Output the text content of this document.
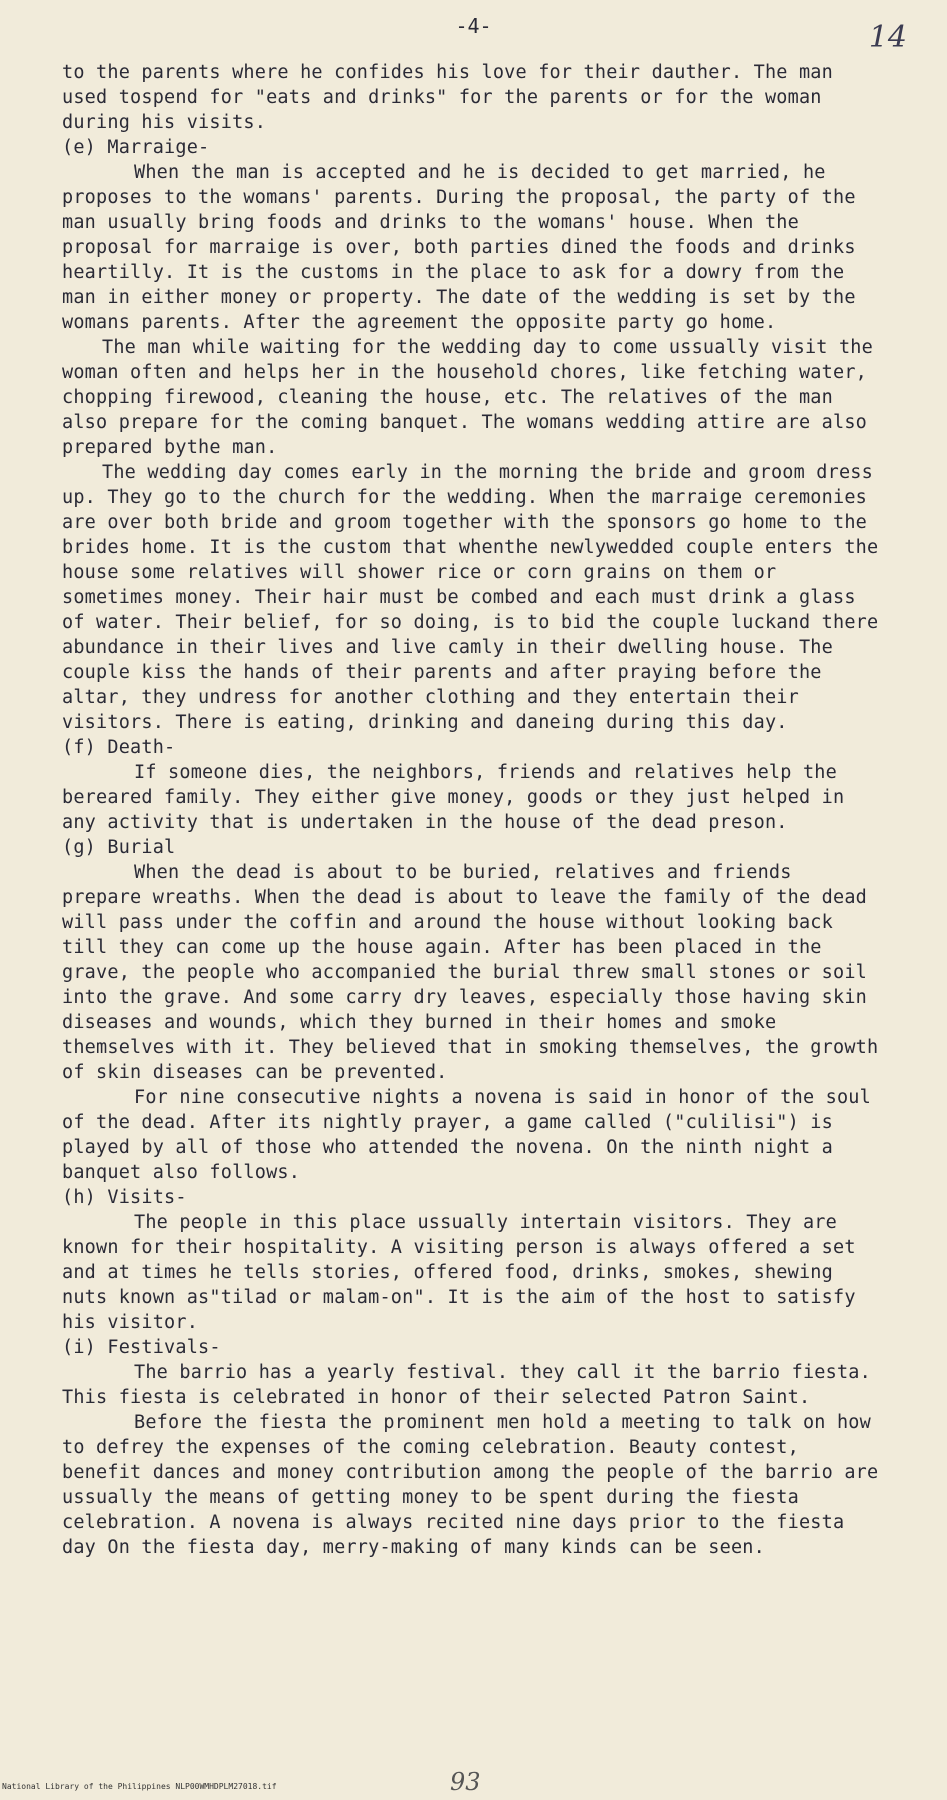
-4-	14

to the parents where he confides his love for their dauther. The man used tospend for "eats and drinks" for the parents or for the woman during his visits.

(e) Marraige-

When the man is accepted and he is decided to get married, he proposes to the womans' parents. During the proposal, the party of the man usually bring foods and drinks to the womans' house. When the proposal for marraige is over, both parties dined the foods and drinks heartilly. It is the customs in the place to ask for a dowry from the man in either money or property. The date of the wedding is set by the womans parents. After the agreement the opposite party go home.

The man while waiting for the wedding day to come ussually visit the woman often and helps her in the household chores, like fetching water, chopping firewood, cleaning the house, etc. The relatives of the man also prepare for the coming banquet. The womans wedding attire are also prepared bythe man.

The wedding day comes early in the morning the bride and groom dress up. They go to the church for the wedding. When the marraige ceremonies are over both bride and groom together with the sponsors go home to the brides home. It is the custom that whenthe newlywedded couple enters the house some relatives will shower rice or corn grains on them or sometimes money. Their hair must be combed and each must drink a glass of water. Their belief, for so doing, is to bid the couple luckand there abundance in their lives and live camly in their dwelling house. The couple kiss the hands of their parents and after praying before the altar, they undress for another clothing and they entertain their visitors. There is eating, drinking and daneing during this day.

(f) Death-

If someone dies, the neighbors, friends and relatives help the bereared family. They either give money, goods or they just helped in any activity that is undertaken in the house of the dead preson.

(g) Burial

When the dead is about to be buried, relatives and friends prepare wreaths. When the dead is about to leave the family of the dead will pass under the coffin and around the house without looking back till they can come up the house again. After has been placed in the grave, the people who accompanied the burial threw small stones or soil into the grave. And some carry dry leaves, especially those having skin diseases and wounds, which they burned in their homes and smoke themselves with it. They believed that in smoking themselves, the growth of skin diseases can be prevented.

For nine consecutive nights a novena is said in honor of the soul of the dead. After its nightly prayer, a game called ("culilisi") is played by all of those who attended the novena. On the ninth night a banquet also follows.

(h) Visits-

The people in this place ussually intertain visitors. They are known for their hospitality. A visiting person is always offered a set and at times he tells stories, offered food, drinks, smokes, shewing nuts known as"tilad or malam-on". It is the aim of the host to satisfy his visitor.

(i) Festivals-

The barrio has a yearly festival. they call it the barrio fiesta. This fiesta is celebrated in honor of their selected Patron Saint.

Before the fiesta the prominent men hold a meeting to talk on how to defrey the expenses of the coming celebration. Beauty contest, benefit dances and money contribution among the people of the barrio are ussually the means of getting money to be spent during the fiesta celebration. A novena is always recited nine days prior to the fiesta day On the fiesta day, merry-making of many kinds can be seen.

93
National Library of the Philippines NLP00WMHDPLM27018.tif
